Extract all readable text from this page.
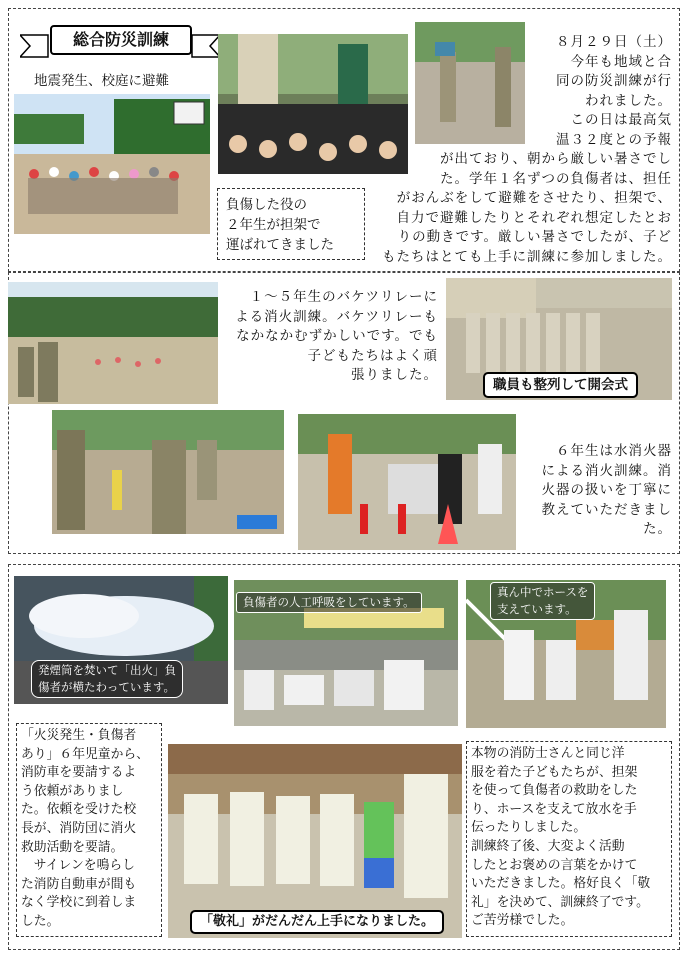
総合防災訓練
地震発生、校庭に避難
負傷した役の
２年生が担架で
運ばれてきました
８月２９日（土）
今年も地域と合
同の防災訓練が行
われました。
この日は最高気
温３２度との予報
が出ており、朝から厳しい暑さでし
た。学年１名ずつの負傷者は、担任
がおんぶをして避難をさせたり、担架で、
自力で避難したりとそれぞれ想定したとお
りの動きです。厳しい暑さでしたが、子ど
もたちはとても上手に訓練に参加しました。
１～５年生のバケツリレーに
よる消火訓練。バケツリレーも
なかなかむずかしいです。でも
子どもたちはよく頑
張りました。
職員も整列して開会式
６年生は水消火器
による消火訓練。消
火器の扱いを丁寧に
教えていただきまし
た。
発煙筒を焚いて「出火」負
傷者が横たわっています。
負傷者の人工呼吸をしています。
真ん中でホースを
支えています。
「火災発生・負傷者
あり」６年児童から、
消防車を要請するよ
う依頼がありまし
た。依頼を受けた校
長が、消防団に消火
救助活動を要請。
　サイレンを鳴らし
た消防自動車が間も
なく学校に到着しま
した。	「敬礼」がだんだん上手になりました。
本物の消防士さんと同じ洋
服を着た子どもたちが、担架
を使って負傷者の救助をした
り、ホースを支えて放水を手
伝ったりしました。
訓練終了後、大変よく活動
したとお褒めの言葉をかけて
いただきました。格好良く「敬
礼」を決めて、訓練終了です。
ご苦労様でした。
